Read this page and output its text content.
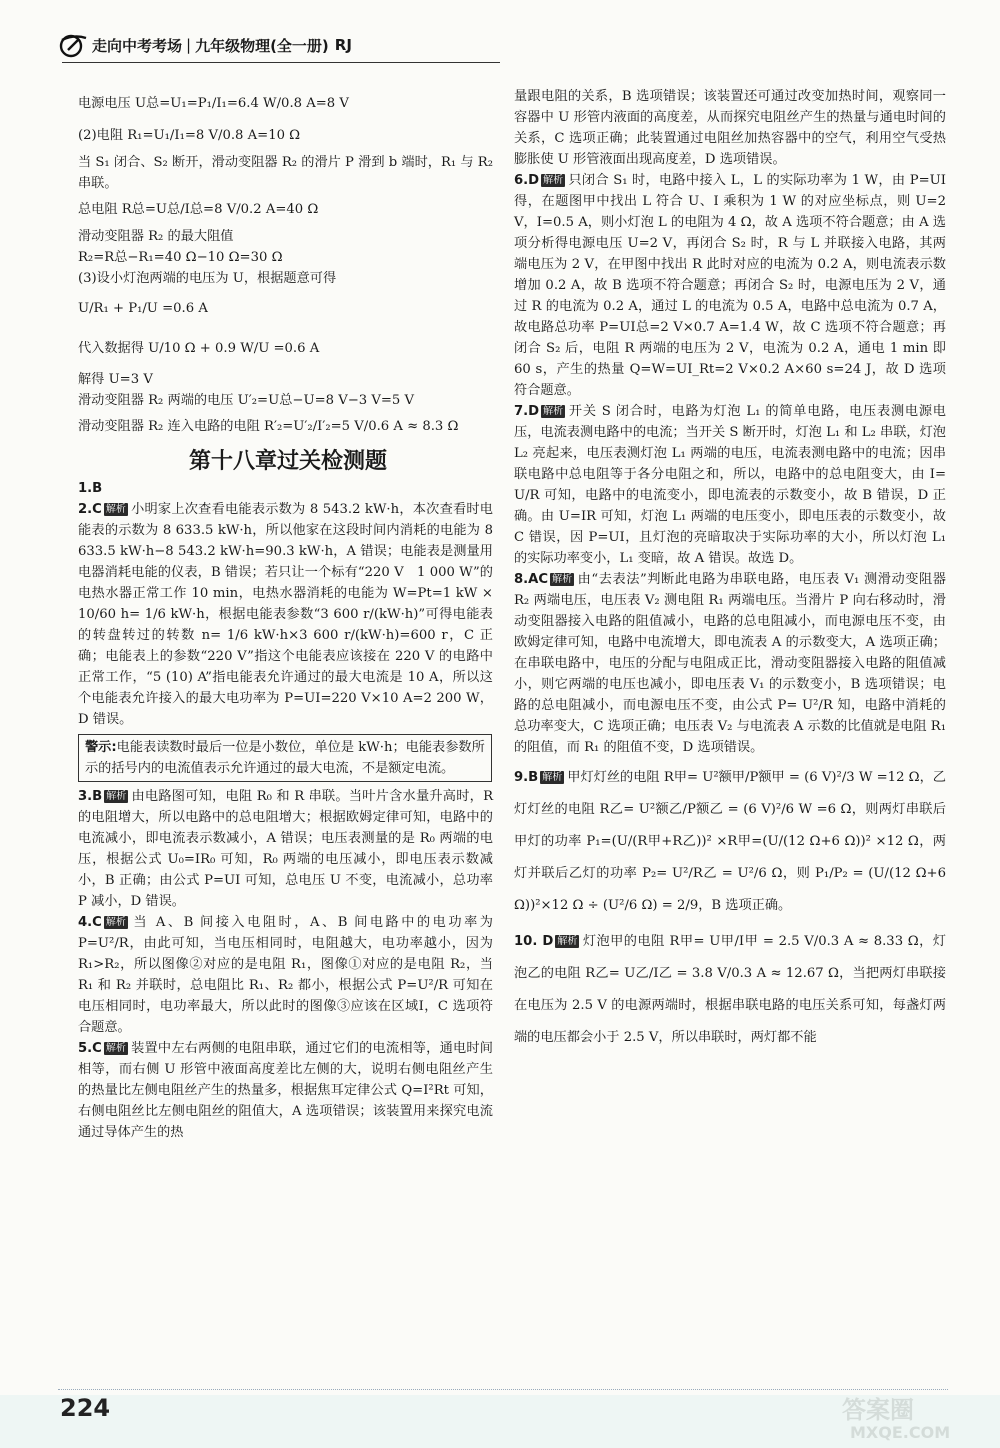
走向中考考场 | 九年级物理(全一册) RJ

电源电压 U总=U₁=P₁/I₁=6.4 W/0.8 A=8 V

(2)电阻 R₁=U₁/I₁=8 V/0.8 A=10 Ω

当 S₁ 闭合、S₂ 断开，滑动变阻器 R₂ 的滑片 P 滑到 b 端时，R₁ 与 R₂ 串联。

总电阻 R总=U总/I总=8 V/0.2 A=40 Ω

滑动变阻器 R₂ 的最大阻值

R₂=R总−R₁=40 Ω−10 Ω=30 Ω

(3)设小灯泡两端的电压为 U，根据题意可得

U/R₁ + P₁/U =0.6 A

代入数据得 U/10 Ω + 0.9 W/U =0.6 A

解得 U=3 V

滑动变阻器 R₂ 两端的电压 U′₂=U总−U=8 V−3 V=5 V

滑动变阻器 R₂ 连入电路的电阻 R′₂=U′₂/I′₂=5 V/0.6 A ≈ 8.3 Ω

第十八章过关检测题

1.B

2.C 解析 小明家上次查看电能表示数为 8 543.2 kW·h，本次查看时电能表的示数为 8 633.5 kW·h，所以他家在这段时间内消耗的电能为 8 633.5 kW·h−8 543.2 kW·h=90.3 kW·h，A 错误；电能表是测量用电器消耗电能的仪表，B 错误；若只让一个标有“220 V　1 000 W”的电热水器正常工作 10 min，电热水器消耗的电能为 W=Pt=1 kW × 10/60 h= 1/6 kW·h，根据电能表参数“3 600 r/(kW·h)”可得电能表的转盘转过的转数 n= 1/6 kW·h×3 600 r/(kW·h)=600 r，C 正确；电能表上的参数“220 V”指这个电能表应该接在 220 V 的电路中正常工作，“5 (10) A”指电能表允许通过的最大电流是 10 A，所以这个电能表允许接入的最大电功率为 P=UI=220 V×10 A=2 200 W，D 错误。

警示:电能表读数时最后一位是小数位，单位是 kW·h；电能表参数所示的括号内的电流值表示允许通过的最大电流，不是额定电流。

3.B 解析 由电路图可知，电阻 R₀ 和 R 串联。当叶片含水量升高时，R 的电阻增大，所以电路中的总电阻增大；根据欧姆定律可知，电路中的电流减小，即电流表示数减小，A 错误；电压表测量的是 R₀ 两端的电压，根据公式 U₀=IR₀ 可知，R₀ 两端的电压减小，即电压表示数减小，B 正确；由公式 P=UI 可知，总电压 U 不变，电流减小，总功率 P 减小，D 错误。

4.C 解析 当 A、B 间接入电阻时，A、B 间电路中的电功率为 P=U²/R，由此可知，当电压相同时，电阻越大，电功率越小，因为 R₁>R₂，所以图像②对应的是电阻 R₁，图像①对应的是电阻 R₂，当 R₁ 和 R₂ 并联时，总电阻比 R₁、R₂ 都小，根据公式 P=U²/R 可知在电压相同时，电功率最大，所以此时的图像③应该在区域Ⅰ，C 选项符合题意。

5.C 解析 装置中左右两侧的电阻串联，通过它们的电流相等，通电时间相等，而右侧 U 形管中液面高度差比左侧的大，说明右侧电阻丝产生的热量比左侧电阻丝产生的热量多，根据焦耳定律公式 Q=I²Rt 可知，右侧电阻丝比左侧电阻丝的阻值大，A 选项错误；该装置用来探究电流通过导体产生的热

量跟电阻的关系，B 选项错误；该装置还可通过改变加热时间，观察同一容器中 U 形管内液面的高度差，从而探究电阻丝产生的热量与通电时间的关系，C 选项正确；此装置通过电阻丝加热容器中的空气，利用空气受热膨胀使 U 形管液面出现高度差，D 选项错误。

6.D 解析 只闭合 S₁ 时，电路中接入 L，L 的实际功率为 1 W，由 P=UI 得，在题图甲中找出 L 符合 U、I 乘积为 1 W 的对应坐标点，则 U=2 V，I=0.5 A，则小灯泡 L 的电阻为 4 Ω，故 A 选项不符合题意；由 A 选项分析得电源电压 U=2 V，再闭合 S₂ 时，R 与 L 并联接入电路，其两端电压为 2 V，在甲图中找出 R 此时对应的电流为 0.2 A，则电流表示数增加 0.2 A，故 B 选项不符合题意；再闭合 S₂ 时，电源电压为 2 V，通过 R 的电流为 0.2 A，通过 L 的电流为 0.5 A，电路中总电流为 0.7 A，故电路总功率 P=UI总=2 V×0.7 A=1.4 W，故 C 选项不符合题意；再闭合 S₂ 后，电阻 R 两端的电压为 2 V，电流为 0.2 A，通电 1 min 即 60 s，产生的热量 Q=W=UI_Rt=2 V×0.2 A×60 s=24 J，故 D 选项符合题意。

7.D 解析 开关 S 闭合时，电路为灯泡 L₁ 的简单电路，电压表测电源电压，电流表测电路中的电流；当开关 S 断开时，灯泡 L₁ 和 L₂ 串联，灯泡 L₂ 亮起来，电压表测灯泡 L₁ 两端的电压，电流表测电路中的电流；因串联电路中总电阻等于各分电阻之和，所以，电路中的总电阻变大，由 I= U/R 可知，电路中的电流变小，即电流表的示数变小，故 B 错误，D 正确。由 U=IR 可知，灯泡 L₁ 两端的电压变小，即电压表的示数变小，故 C 错误，因 P=UI，且灯泡的亮暗取决于实际功率的大小，所以灯泡 L₁ 的实际功率变小，L₁ 变暗，故 A 错误。故选 D。

8.AC 解析 由“去表法”判断此电路为串联电路，电压表 V₁ 测滑动变阻器 R₂ 两端电压，电压表 V₂ 测电阻 R₁ 两端电压。当滑片 P 向右移动时，滑动变阻器接入电路的阻值减小，电路的总电阻减小，而电源电压不变，由欧姆定律可知，电路中电流增大，即电流表 A 的示数变大，A 选项正确；在串联电路中，电压的分配与电阻成正比，滑动变阻器接入电路的阻值减小，则它两端的电压也减小，即电压表 V₁ 的示数变小，B 选项错误；电路的总电阻减小，而电源电压不变，由公式 P= U²/R 知，电路中消耗的总功率变大，C 选项正确；电压表 V₂ 与电流表 A 示数的比值就是电阻 R₁ 的阻值，而 R₁ 的阻值不变，D 选项错误。

9.B 解析 甲灯灯丝的电阻 R甲= U²额甲/P额甲 = (6 V)²/3 W =12 Ω，乙灯灯丝的电阻 R乙= U²额乙/P额乙 = (6 V)²/6 W =6 Ω，则两灯串联后甲灯的功率 P₁=(U/(R甲+R乙))² ×R甲=(U/(12 Ω+6 Ω))² ×12 Ω，两灯并联后乙灯的功率 P₂= U²/R乙 = U²/6 Ω，则 P₁/P₂ = (U/(12 Ω+6 Ω))²×12 Ω ÷ (U²/6 Ω) = 2/9，B 选项正确。

10. D 解析 灯泡甲的电阻 R甲= U甲/I甲 = 2.5 V/0.3 A ≈ 8.33 Ω，灯泡乙的电阻 R乙= U乙/I乙 = 3.8 V/0.3 A ≈ 12.67 Ω，当把两灯串联接在电压为 2.5 V 的电源两端时，根据串联电路的电压关系可知，每盏灯两端的电压都会小于 2.5 V，所以串联时，两灯都不能

224	答案圈
MXQE.COM
